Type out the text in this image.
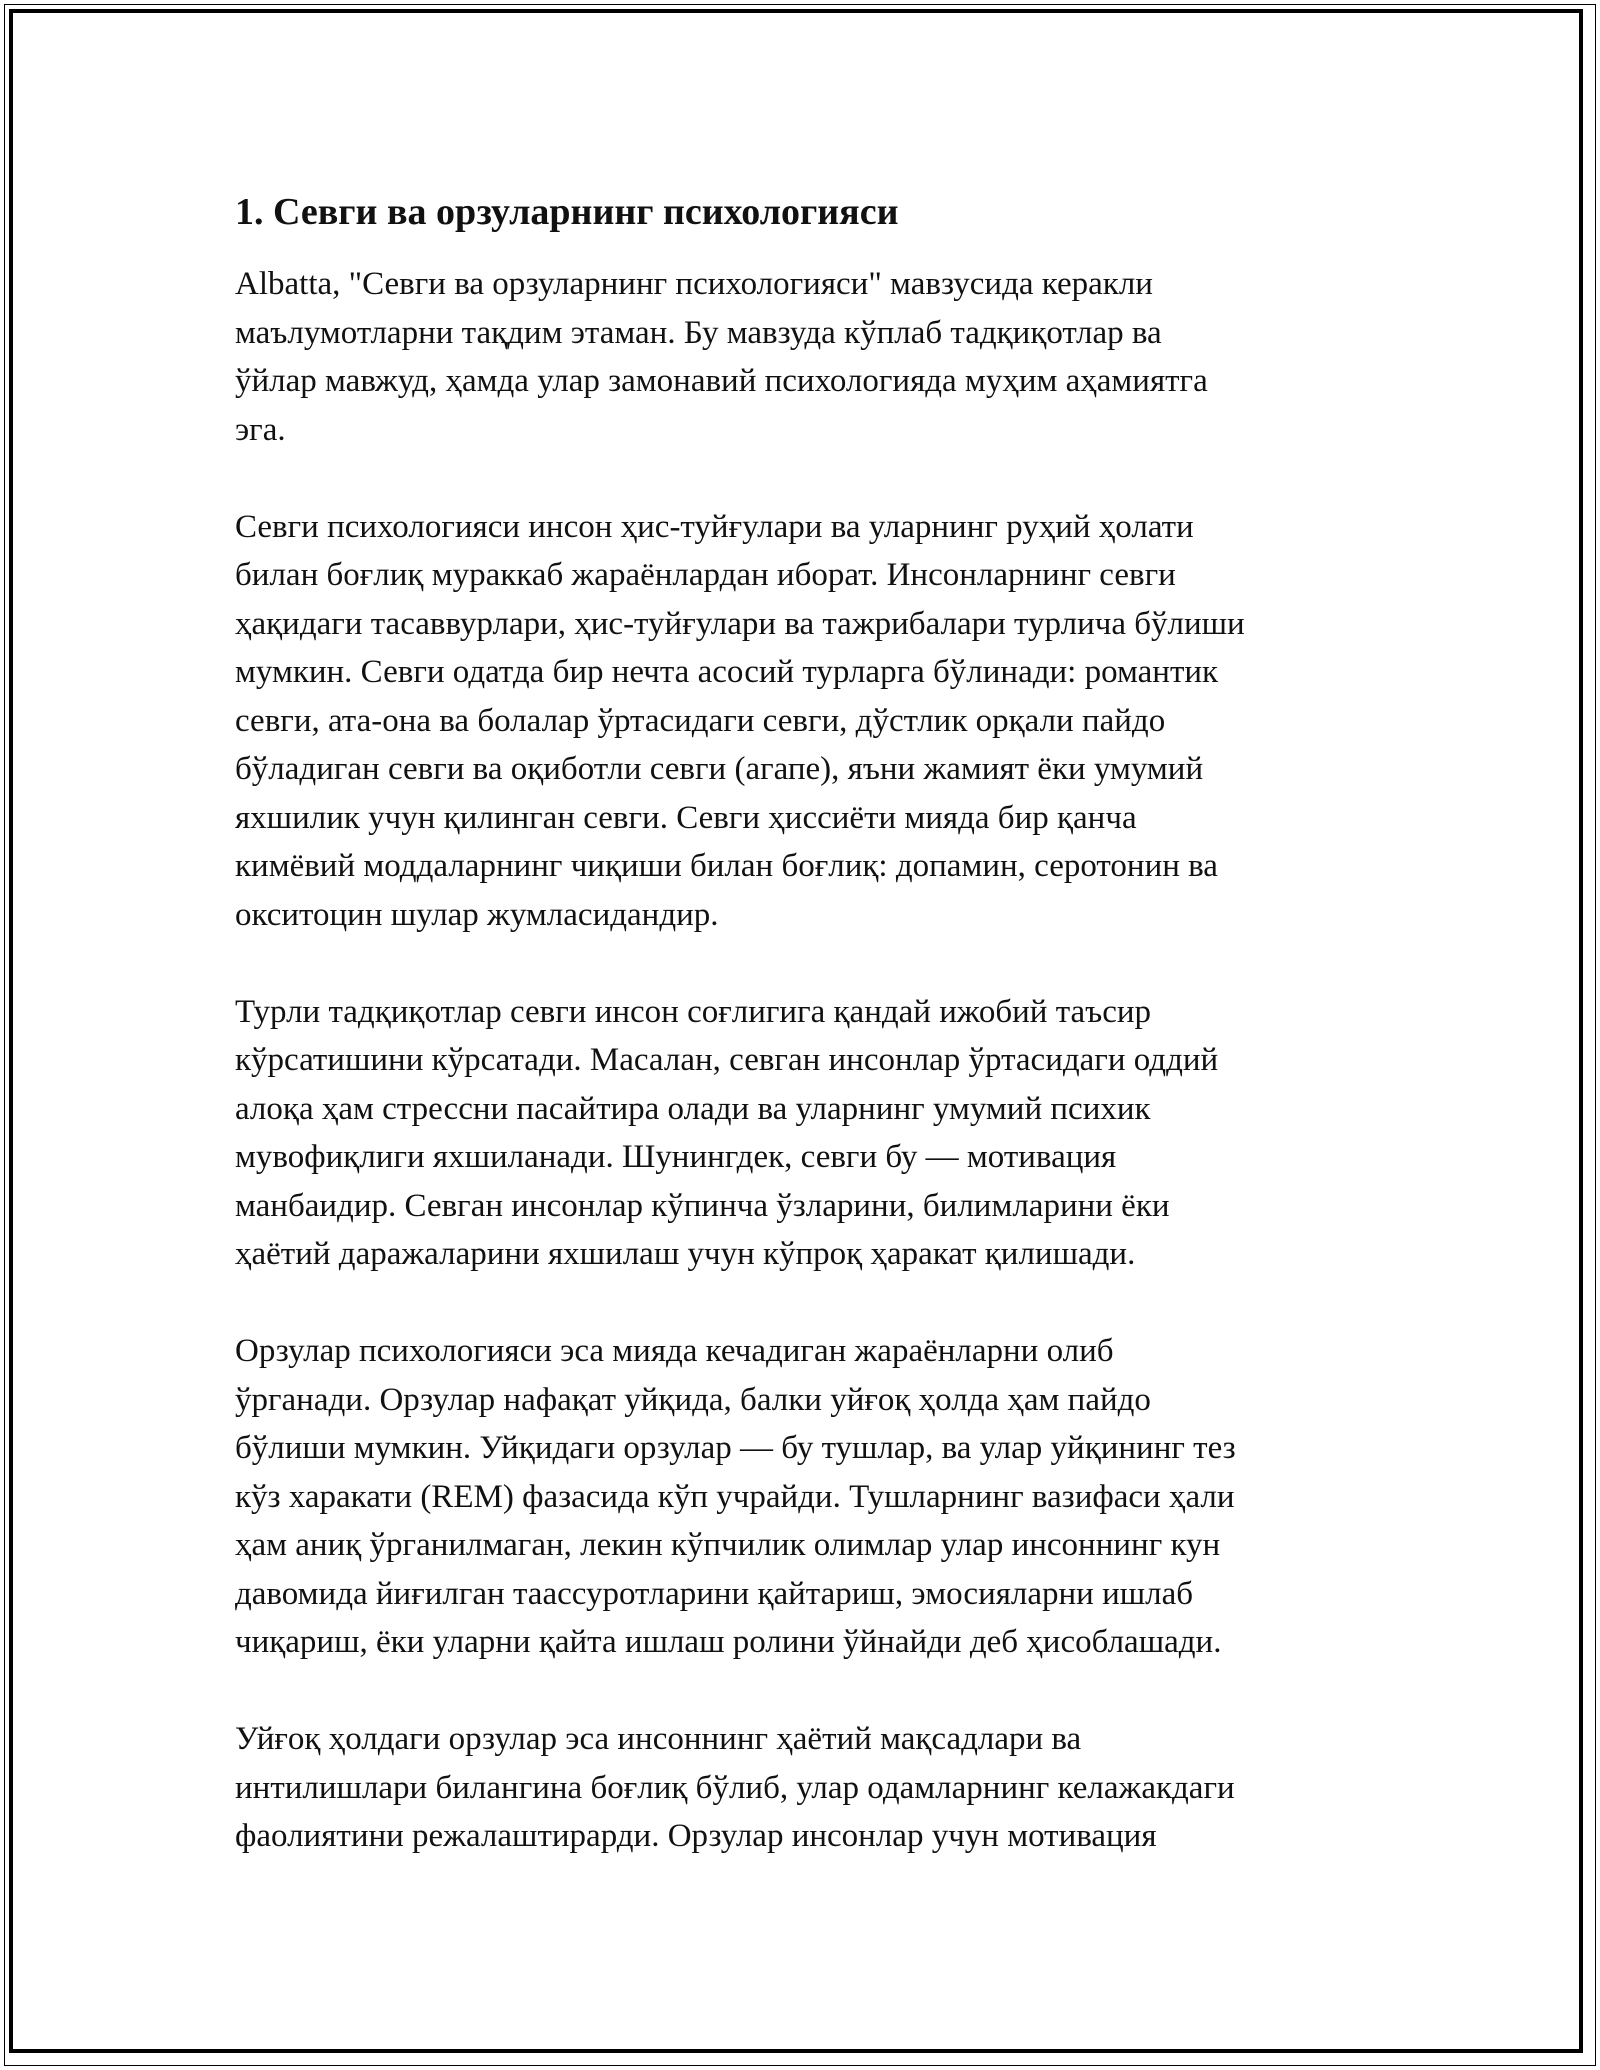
1. Севги ва орзуларнинг психологияси

Albatta, "Севги ва орзуларнинг психологияси" мавзусида керакли
маълумотларни тақдим этаман. Бу мавзуда кўплаб тадқиқотлар ва
ўйлар мавжуд, ҳамда улар замонавий психологияда муҳим аҳамиятга
эга.

Севги психологияси инсон ҳис-туйғулари ва уларнинг руҳий ҳолати
билан боғлиқ мураккаб жараёнлардан иборат. Инсонларнинг севги
ҳақидаги тасаввурлари, ҳис-туйғулари ва тажрибалари турлича бўлиши
мумкин. Севги одатда бир нечта асосий турларга бўлинади: романтик
севги, ата-она ва болалар ўртасидаги севги, дўстлик орқали пайдо
бўладиган севги ва оқиботли севги (агапе), яъни жамият ёки умумий
яхшилик учун қилинган севги. Севги ҳиссиёти мияда бир қанча
кимёвий моддаларнинг чиқиши билан боғлиқ: допамин, серотонин ва
окситоцин шулар жумласидандир.

Турли тадқиқотлар севги инсон соғлигига қандай ижобий таъсир
кўрсатишини кўрсатади. Масалан, севган инсонлар ўртасидаги оддий
алоқа ҳам стрессни пасайтира олади ва уларнинг умумий психик
мувофиқлиги яхшиланади. Шунингдек, севги бу — мотивация
манбаидир. Севган инсонлар кўпинча ўзларини, билимларини ёки
ҳаётий даражаларини яхшилаш учун кўпроқ ҳаракат қилишади.

Орзулар психологияси эса мияда кечадиган жараёнларни олиб
ўрганади. Орзулар нафақат уйқида, балки уйғоқ ҳолда ҳам пайдо
бўлиши мумкин. Уйқидаги орзулар — бу тушлар, ва улар уйқининг тез
кўз харакати (REM) фазасида кўп учрайди. Тушларнинг вазифаси ҳали
ҳам аниқ ўрганилмаган, лекин кўпчилик олимлар улар инсоннинг кун
давомида йиғилган таассуротларини қайтариш, эмосияларни ишлаб
чиқариш, ёки уларни қайта ишлаш ролини ўйнайди деб ҳисоблашади.

Уйғоқ ҳолдаги орзулар эса инсоннинг ҳаётий мақсадлари ва
интилишлари билангина боғлиқ бўлиб, улар одамларнинг келажакдаги
фаолиятини режалаштирарди. Орзулар инсонлар учун мотивация
